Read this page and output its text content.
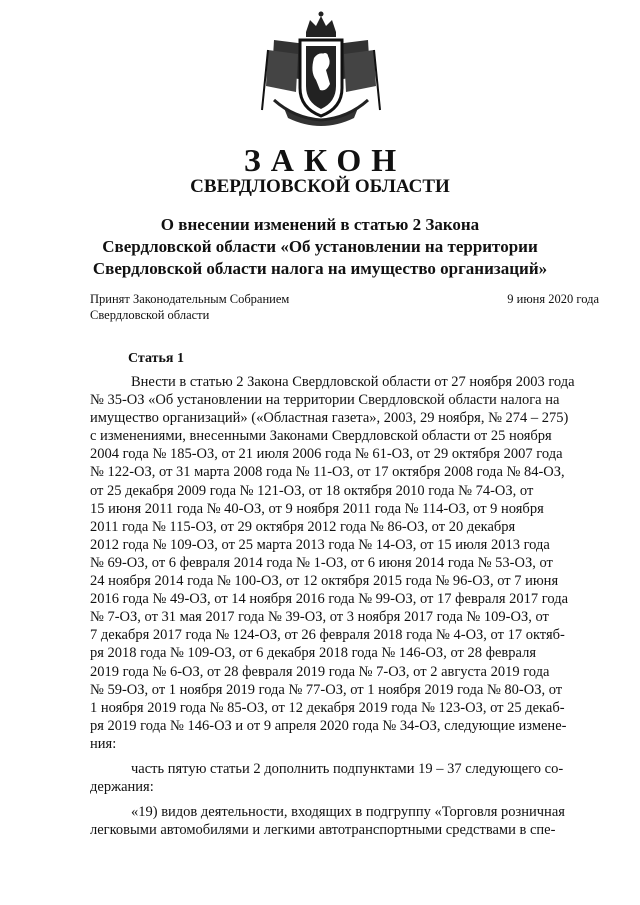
ЗАКОН
СВЕРДЛОВСКОЙ ОБЛАСТИ
О внесении изменений в статью 2 Закона
Свердловской области «Об установлении на территории
Свердловской области налога на имущество организаций»
Принят Законодательным Собранием
Свердловской области
9 июня 2020 года
Статья 1
Внести в статью 2 Закона Свердловской области от 27 ноября 2003 года
№ 35-ОЗ «Об установлении на территории Свердловской области налога на
имущество организаций» («Областная газета», 2003, 29 ноября, № 274 – 275)
с изменениями, внесенными Законами Свердловской области от 25 ноября
2004 года № 185-ОЗ, от 21 июля 2006 года № 61-ОЗ, от 29 октября 2007 года
№ 122-ОЗ, от 31 марта 2008 года № 11-ОЗ, от 17 октября 2008 года № 84-ОЗ,
от 25 декабря 2009 года № 121-ОЗ, от 18 октября 2010 года № 74-ОЗ, от
15 июня 2011 года № 40-ОЗ, от 9 ноября 2011 года № 114-ОЗ, от 9 ноября
2011 года № 115-ОЗ, от 29 октября 2012 года № 86-ОЗ, от 20 декабря
2012 года № 109-ОЗ, от 25 марта 2013 года № 14-ОЗ, от 15 июля 2013 года
№ 69-ОЗ, от 6 февраля 2014 года № 1-ОЗ, от 6 июня 2014 года № 53-ОЗ, от
24 ноября 2014 года № 100-ОЗ, от 12 октября 2015 года № 96-ОЗ, от 7 июня
2016 года № 49-ОЗ, от 14 ноября 2016 года № 99-ОЗ, от 17 февраля 2017 года
№ 7-ОЗ, от 31 мая 2017 года № 39-ОЗ, от 3 ноября 2017 года № 109-ОЗ, от
7 декабря 2017 года № 124-ОЗ, от 26 февраля 2018 года № 4-ОЗ, от 17 октяб-
ря 2018 года № 109-ОЗ, от 6 декабря 2018 года № 146-ОЗ, от 28 февраля
2019 года № 6-ОЗ, от 28 февраля 2019 года № 7-ОЗ, от 2 августа 2019 года
№ 59-ОЗ, от 1 ноября 2019 года № 77-ОЗ, от 1 ноября 2019 года № 80-ОЗ, от
1 ноября 2019 года № 85-ОЗ, от 12 декабря 2019 года № 123-ОЗ, от 25 декаб-
ря 2019 года № 146-ОЗ и от 9 апреля 2020 года № 34-ОЗ, следующие измене-
ния:
часть пятую статьи 2 дополнить подпунктами 19 – 37 следующего со-
держания:
«19) видов деятельности, входящих в подгруппу «Торговля розничная
легковыми автомобилями и легкими автотранспортными средствами в спе-
